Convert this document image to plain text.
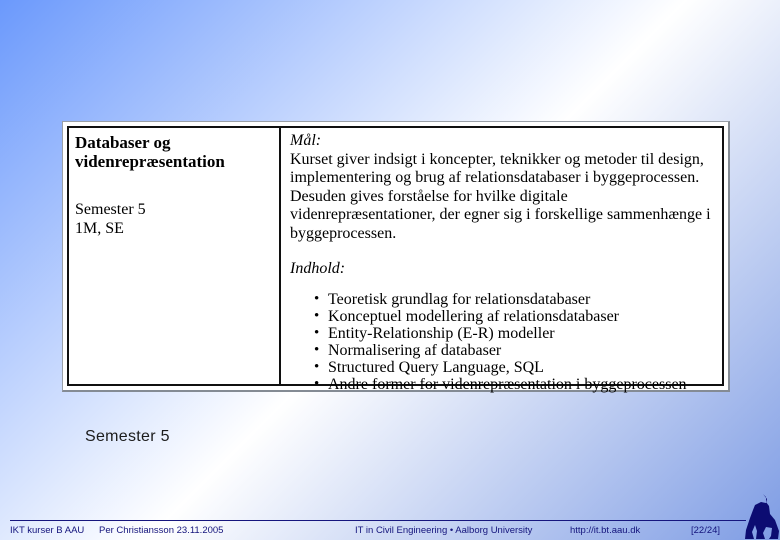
Databaser og videnrepræsentation
Semester 5
1M, SE
Mål:

Kurset giver indsigt i koncepter, teknikker og metoder til design, implementering og brug af relationsdatabaser i byggeprocessen. Desuden gives forståelse for hvilke digitale videnrepræsentationer, der egner sig i forskellige sammenhænge i byggeprocessen.

Indhold:
• Teoretisk grundlag for relationsdatabaser
• Konceptuel modellering af relationsdatabaser
• Entity-Relationship (E-R) modeller
• Normalisering af databaser
• Structured Query Language, SQL
• Andre former for videnrepræsentation i byggeprocessen
Semester 5
IKT kurser B AAU Per Christiansson 23.11.2005	IT in Civil Engineering • Aalborg University	http://it.bt.aau.dk	[22/24]
